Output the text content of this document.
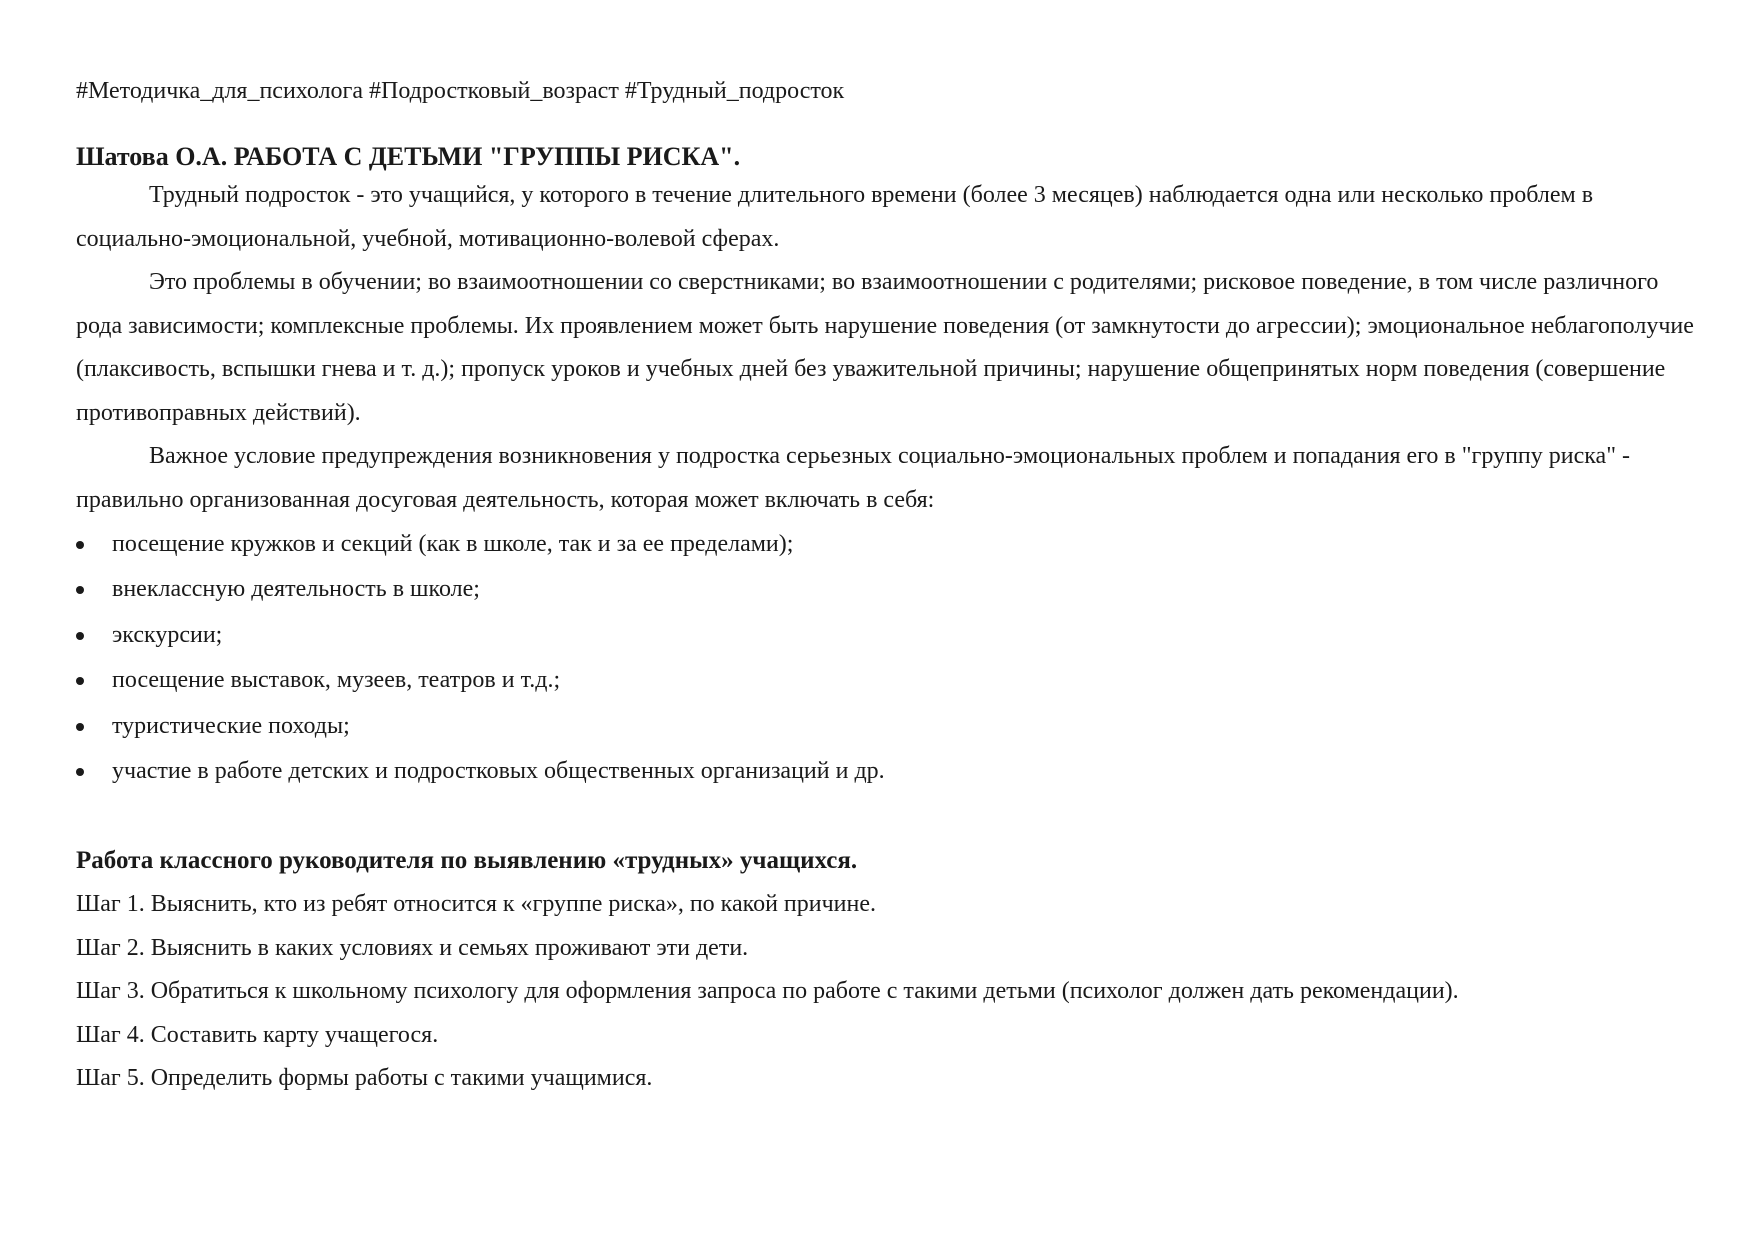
#Методичка_для_психолога #Подростковый_возраст #Трудный_подросток
Шатова О.А. РАБОТА С ДЕТЬМИ "ГРУППЫ РИСКА".

Трудный подросток - это учащийся, у которого в течение длительного времени (более 3 месяцев) наблюдается одна или несколько проблем в социально-эмоциональной, учебной, мотивационно-волевой сферах.

Это проблемы в обучении; во взаимоотношении со сверстниками; во взаимоотношении с родителями; рисковое поведение, в том числе различного рода зависимости; комплексные проблемы. Их проявлением может быть нарушение поведения (от замкнутости до агрессии); эмоциональное неблагополучие (плаксивость, вспышки гнева и т. д.); пропуск уроков и учебных дней без уважительной причины; нарушение общепринятых норм поведения (совершение противоправных действий).

Важное условие предупреждения возникновения у подростка серьезных социально-эмоциональных проблем и попадания его в "группу риска" - правильно организованная досуговая деятельность, которая может включать в себя:

посещение кружков и секций (как в школе, так и за ее пределами);
внеклассную деятельность в школе;
экскурсии;
посещение выставок, музеев, театров и т.д.;
туристические походы;
участие в работе детских и подростковых общественных организаций и др.
Работа классного руководителя по выявлению «трудных» учащихся.
Шаг 1. Выяснить, кто из ребят относится к «группе риска», по какой причине.
Шаг 2. Выяснить в каких условиях и семьях проживают эти дети.
Шаг 3. Обратиться к школьному психологу для оформления запроса по работе с такими детьми (психолог должен дать рекомендации).
Шаг 4. Составить карту учащегося.
Шаг 5. Определить формы работы с такими учащимися.
